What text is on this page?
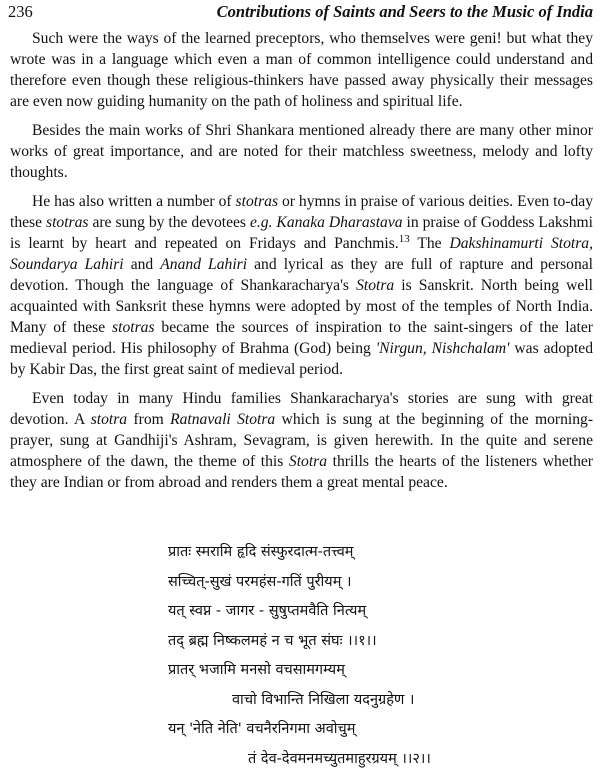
236	Contributions of Saints and Seers to the Music of India

Such were the ways of the learned preceptors, who themselves were geni! but what they wrote was in a language which even a man of common intelligence could understand and therefore even though these religious-thinkers have passed away physically their messages are even now guiding humanity on the path of holiness and spiritual life.

Besides the main works of Shri Shankara mentioned already there are many other minor works of great importance, and are noted for their matchless sweetness, melody and lofty thoughts.

He has also written a number of stotras or hymns in praise of various deities. Even to-day these stotras are sung by the devotees e.g. Kanaka Dharastava in praise of Goddess Lakshmi is learnt by heart and repeated on Fridays and Panchmis.$^{13}$ The Dakshinamurti Stotra, Soundarya Lahiri and Anand Lahiri and lyrical as they are full of rapture and personal devotion. Though the language of Shankaracharya's Stotra is Sanskrit. North being well acquainted with Sanksrit these hymns were adopted by most of the temples of North India. Many of these stotras became the sources of inspiration to the saint-singers of the later medieval period. His philosophy of Brahma (God) being 'Nirgun, Nishchalam' was adopted by Kabir Das, the first great saint of medieval period.

Even today in many Hindu families Shankaracharya's stories are sung with great devotion. A stotra from Ratnavali Stotra which is sung at the beginning of the morning-prayer, sung at Gandhiji's Ashram, Sevagram, is given herewith. In the quite and serene atmosphere of the dawn, the theme of this Stotra thrills the hearts of the listeners whether they are Indian or from abroad and renders them a great mental peace.

प्रातः स्मरामि हृदि संस्फुरदात्म-तत्त्वम्
सच्चित्-सुखं परमहंस-गतिं पुरीयम् ।
यत् स्वप्न - जागर - सुषुप्तमवैति नित्यम्
तद् ब्रह्म निष्कलमहं न च भूत संघः ।।१।।
प्रातर् भजामि मनसो वचसामगम्यम्
वाचो विभान्ति निखिला यदनुग्रहेण ।
यन् 'नेति नेति' वचनैरनिगमा अवोचुम्
तं देव-देवमनमच्युतमाहुरग्रयम् ।।२।।
